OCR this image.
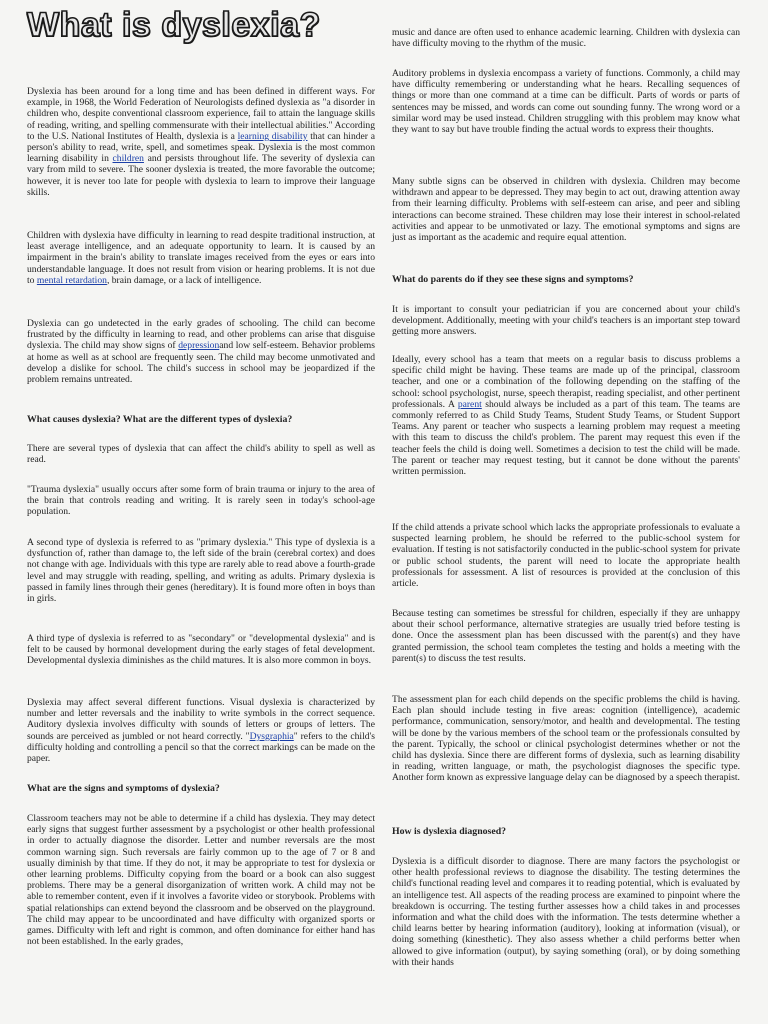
What is dyslexia?

Dyslexia has been around for a long time and has been defined in different ways. For example, in 1968, the World Federation of Neurologists defined dyslexia as "a disorder in children who, despite conventional classroom experience, fail to attain the language skills of reading, writing, and spelling commensurate with their intellectual abilities." According to the U.S. National Institutes of Health, dyslexia is a learning disability that can hinder a person's ability to read, write, spell, and sometimes speak. Dyslexia is the most common learning disability in children and persists throughout life. The severity of dyslexia can vary from mild to severe. The sooner dyslexia is treated, the more favorable the outcome; however, it is never too late for people with dyslexia to learn to improve their language skills.

Children with dyslexia have difficulty in learning to read despite traditional instruction, at least average intelligence, and an adequate opportunity to learn. It is caused by an impairment in the brain's ability to translate images received from the eyes or ears into understandable language. It does not result from vision or hearing problems. It is not due to mental retardation, brain damage, or a lack of intelligence.

Dyslexia can go undetected in the early grades of schooling. The child can become frustrated by the difficulty in learning to read, and other problems can arise that disguise dyslexia. The child may show signs of depressionand low self-esteem. Behavior problems at home as well as at school are frequently seen. The child may become unmotivated and develop a dislike for school. The child's success in school may be jeopardized if the problem remains untreated.

What causes dyslexia? What are the different types of dyslexia?

There are several types of dyslexia that can affect the child's ability to spell as well as read.

"Trauma dyslexia" usually occurs after some form of brain trauma or injury to the area of the brain that controls reading and writing. It is rarely seen in today's school-age population.

A second type of dyslexia is referred to as "primary dyslexia." This type of dyslexia is a dysfunction of, rather than damage to, the left side of the brain (cerebral cortex) and does not change with age. Individuals with this type are rarely able to read above a fourth-grade level and may struggle with reading, spelling, and writing as adults. Primary dyslexia is passed in family lines through their genes (hereditary). It is found more often in boys than in girls.

A third type of dyslexia is referred to as "secondary" or "developmental dyslexia" and is felt to be caused by hormonal development during the early stages of fetal development. Developmental dyslexia diminishes as the child matures. It is also more common in boys.

Dyslexia may affect several different functions. Visual dyslexia is characterized by number and letter reversals and the inability to write symbols in the correct sequence. Auditory dyslexia involves difficulty with sounds of letters or groups of letters. The sounds are perceived as jumbled or not heard correctly. "Dysgraphia" refers to the child's difficulty holding and controlling a pencil so that the correct markings can be made on the paper.

What are the signs and symptoms of dyslexia?

Classroom teachers may not be able to determine if a child has dyslexia. They may detect early signs that suggest further assessment by a psychologist or other health professional in order to actually diagnose the disorder. Letter and number reversals are the most common warning sign. Such reversals are fairly common up to the age of 7 or 8 and usually diminish by that time. If they do not, it may be appropriate to test for dyslexia or other learning problems. Difficulty copying from the board or a book can also suggest problems. There may be a general disorganization of written work. A child may not be able to remember content, even if it involves a favorite video or storybook. Problems with spatial relationships can extend beyond the classroom and be observed on the playground. The child may appear to be uncoordinated and have difficulty with organized sports or games. Difficulty with left and right is common, and often dominance for either hand has not been established. In the early grades,

music and dance are often used to enhance academic learning. Children with dyslexia can have difficulty moving to the rhythm of the music.

Auditory problems in dyslexia encompass a variety of functions. Commonly, a child may have difficulty remembering or understanding what he hears. Recalling sequences of things or more than one command at a time can be difficult. Parts of words or parts of sentences may be missed, and words can come out sounding funny. The wrong word or a similar word may be used instead. Children struggling with this problem may know what they want to say but have trouble finding the actual words to express their thoughts.

Many subtle signs can be observed in children with dyslexia. Children may become withdrawn and appear to be depressed. They may begin to act out, drawing attention away from their learning difficulty. Problems with self-esteem can arise, and peer and sibling interactions can become strained. These children may lose their interest in school-related activities and appear to be unmotivated or lazy. The emotional symptoms and signs are just as important as the academic and require equal attention.

What do parents do if they see these signs and symptoms?

It is important to consult your pediatrician if you are concerned about your child's development. Additionally, meeting with your child's teachers is an important step toward getting more answers.

Ideally, every school has a team that meets on a regular basis to discuss problems a specific child might be having. These teams are made up of the principal, classroom teacher, and one or a combination of the following depending on the staffing of the school: school psychologist, nurse, speech therapist, reading specialist, and other pertinent professionals. A parent should always be included as a part of this team. The teams are commonly referred to as Child Study Teams, Student Study Teams, or Student Support Teams. Any parent or teacher who suspects a learning problem may request a meeting with this team to discuss the child's problem. The parent may request this even if the teacher feels the child is doing well. Sometimes a decision to test the child will be made. The parent or teacher may request testing, but it cannot be done without the parents' written permission.

If the child attends a private school which lacks the appropriate professionals to evaluate a suspected learning problem, he should be referred to the public-school system for evaluation. If testing is not satisfactorily conducted in the public-school system for private or public school students, the parent will need to locate the appropriate health professionals for assessment. A list of resources is provided at the conclusion of this article.

Because testing can sometimes be stressful for children, especially if they are unhappy about their school performance, alternative strategies are usually tried before testing is done. Once the assessment plan has been discussed with the parent(s) and they have granted permission, the school team completes the testing and holds a meeting with the parent(s) to discuss the test results.

The assessment plan for each child depends on the specific problems the child is having. Each plan should include testing in five areas: cognition (intelligence), academic performance, communication, sensory/motor, and health and developmental. The testing will be done by the various members of the school team or the professionals consulted by the parent. Typically, the school or clinical psychologist determines whether or not the child has dyslexia. Since there are different forms of dyslexia, such as learning disability in reading, written language, or math, the psychologist diagnoses the specific type. Another form known as expressive language delay can be diagnosed by a speech therapist.

How is dyslexia diagnosed?

Dyslexia is a difficult disorder to diagnose. There are many factors the psychologist or other health professional reviews to diagnose the disability. The testing determines the child's functional reading level and compares it to reading potential, which is evaluated by an intelligence test. All aspects of the reading process are examined to pinpoint where the breakdown is occurring. The testing further assesses how a child takes in and processes information and what the child does with the information. The tests determine whether a child learns better by hearing information (auditory), looking at information (visual), or doing something (kinesthetic). They also assess whether a child performs better when allowed to give information (output), by saying something (oral), or by doing something with their hands
